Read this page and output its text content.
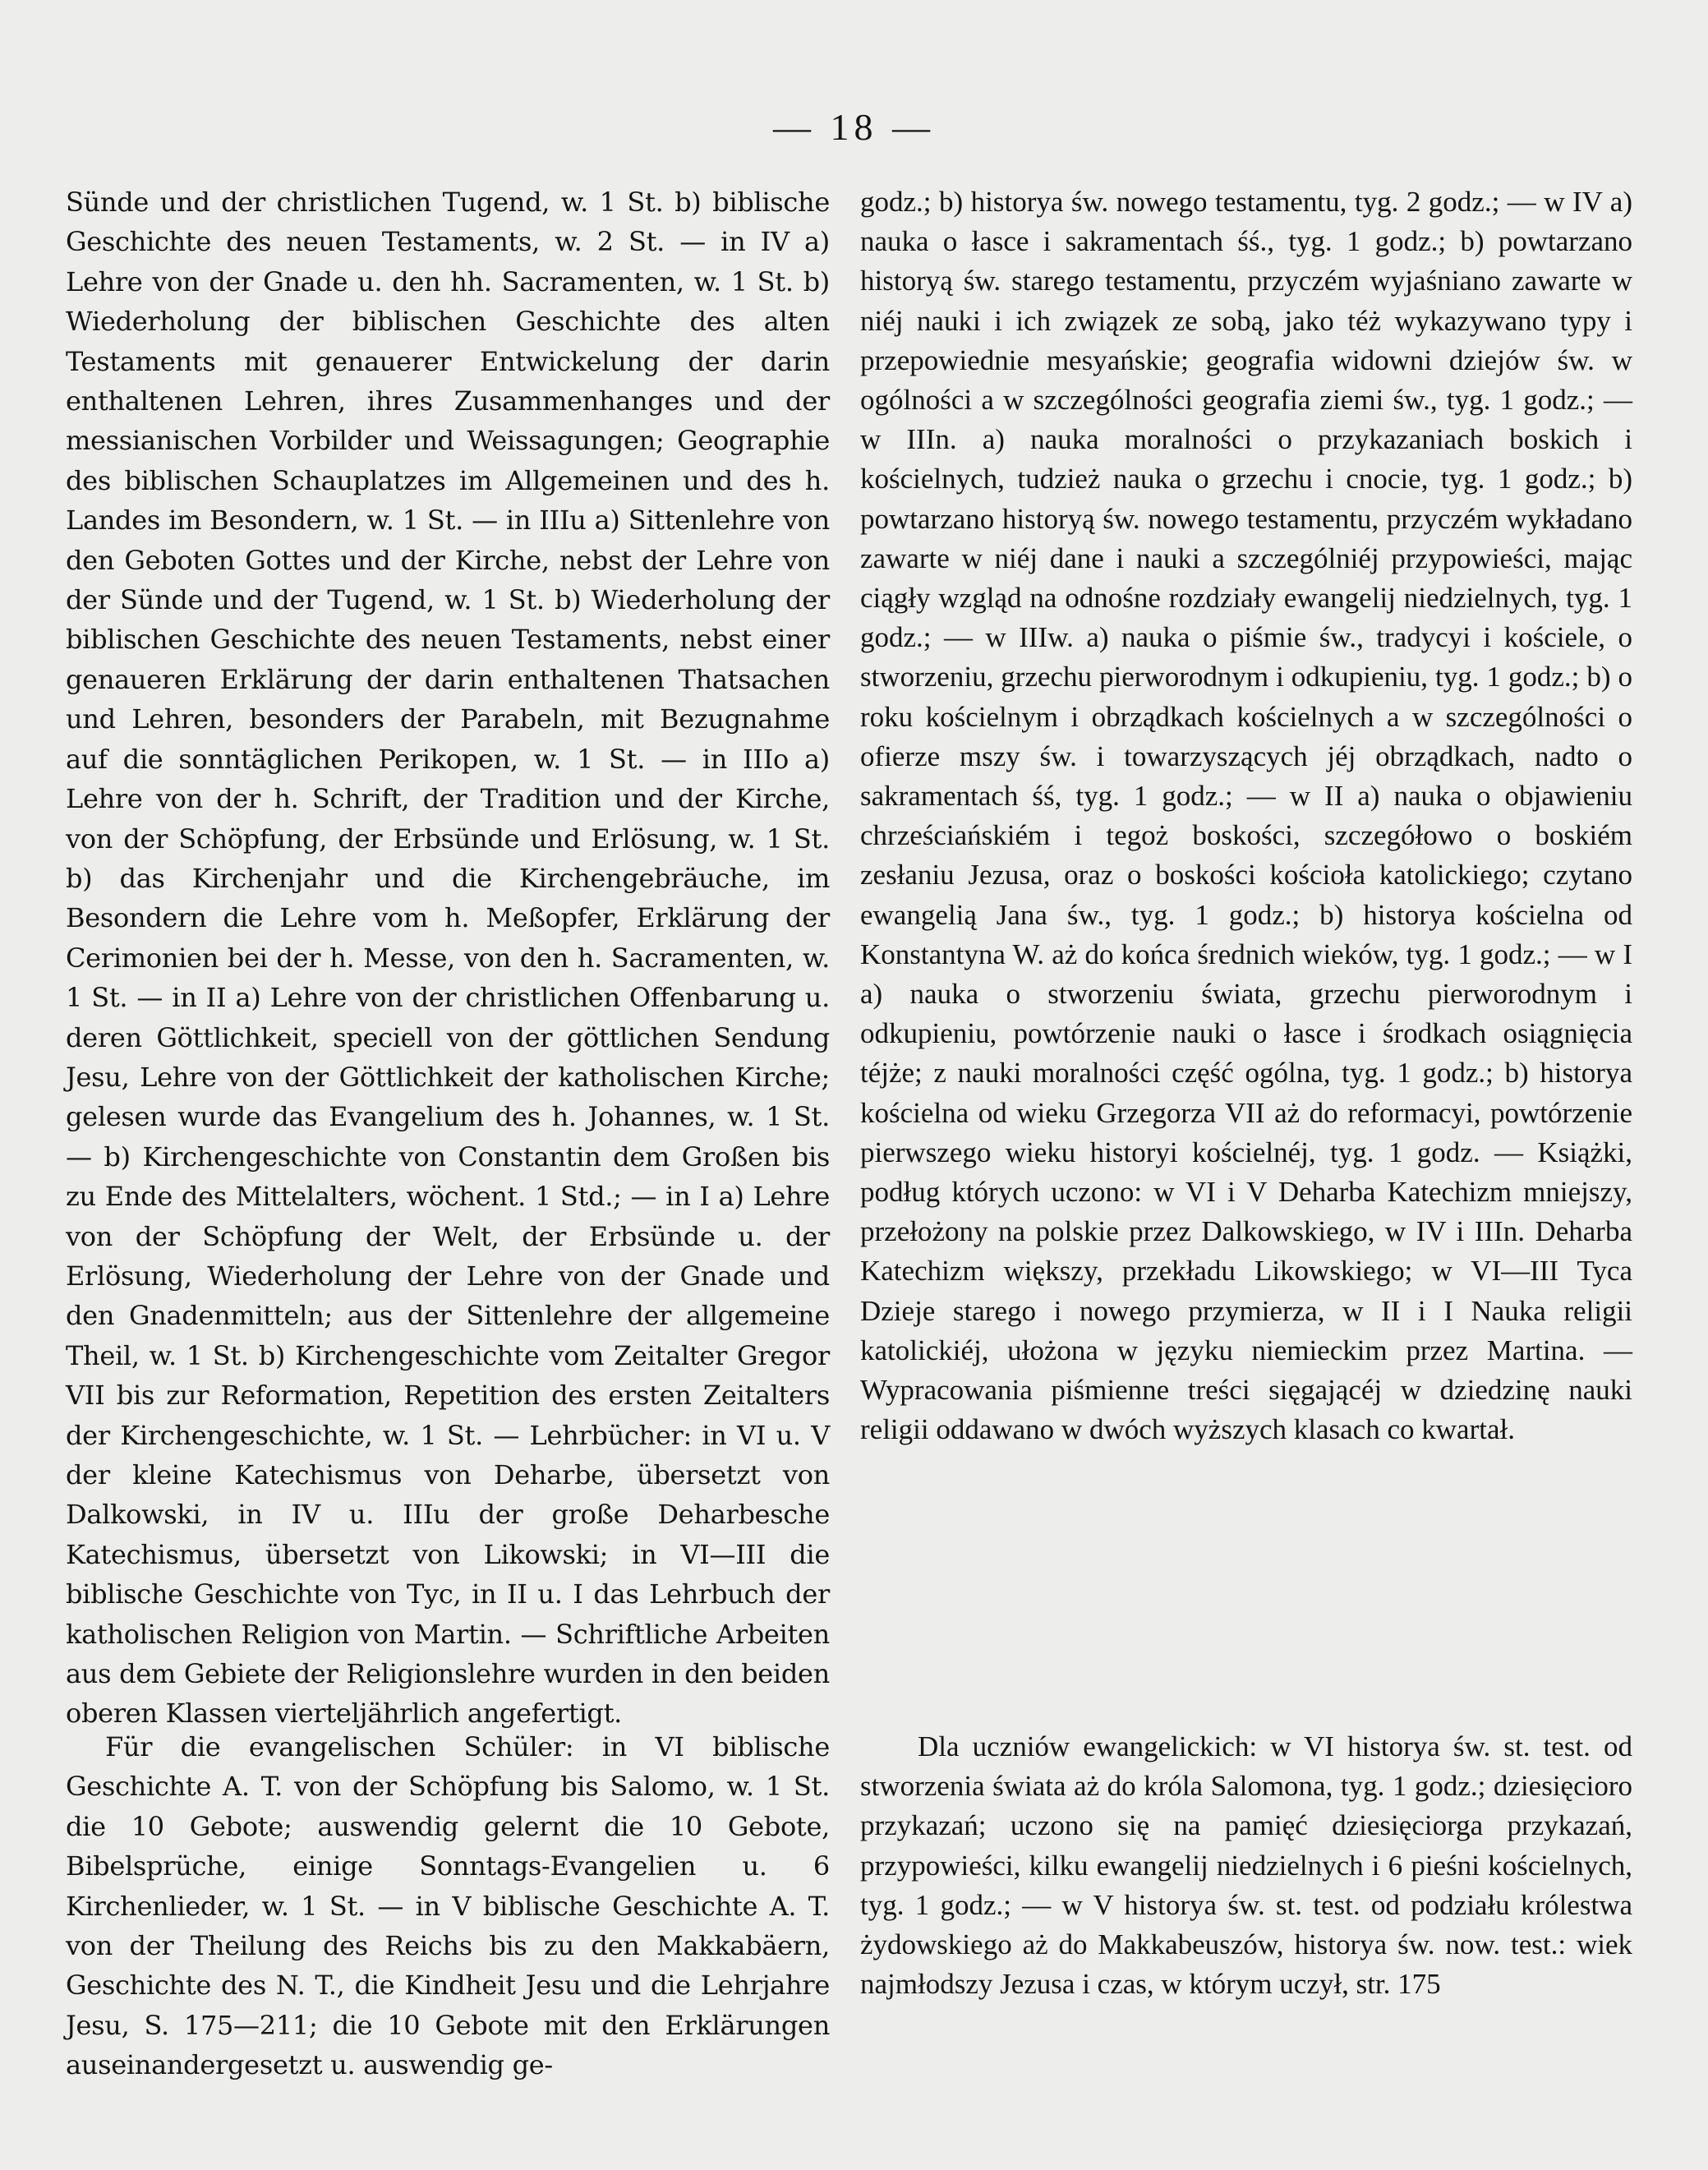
— 18 —

Sünde und der christlichen Tugend, w. 1 St. b) biblische Geschichte des neuen Testaments, w. 2 St. — in IV a) Lehre von der Gnade u. den hh. Sacramenten, w. 1 St. b) Wiederholung der biblischen Geschichte des alten Testaments mit genauerer Entwickelung der darin enthaltenen Lehren, ihres Zusammenhanges und der messianischen Vorbilder und Weissagungen; Geographie des biblischen Schauplatzes im Allgemeinen und des h. Landes im Besondern, w. 1 St. — in IIIu a) Sittenlehre von den Geboten Gottes und der Kirche, nebst der Lehre von der Sünde und der Tugend, w. 1 St. b) Wiederholung der biblischen Geschichte des neuen Testaments, nebst einer genaueren Erklärung der darin enthaltenen Thatsachen und Lehren, besonders der Parabeln, mit Bezugnahme auf die sonntäglichen Perikopen, w. 1 St. — in IIIo a) Lehre von der h. Schrift, der Tradition und der Kirche, von der Schöpfung, der Erbsünde und Erlösung, w. 1 St. b) das Kirchenjahr und die Kirchengebräuche, im Besondern die Lehre vom h. Meßopfer, Erklärung der Cerimonien bei der h. Messe, von den h. Sacramenten, w. 1 St. — in II a) Lehre von der christlichen Offenbarung u. deren Göttlichkeit, speciell von der göttlichen Sendung Jesu, Lehre von der Göttlichkeit der katholischen Kirche; gelesen wurde das Evangelium des h. Johannes, w. 1 St. — b) Kirchengeschichte von Constantin dem Großen bis zu Ende des Mittelalters, wöchent. 1 Std.; — in I a) Lehre von der Schöpfung der Welt, der Erbsünde u. der Erlösung, Wiederholung der Lehre von der Gnade und den Gnadenmitteln; aus der Sittenlehre der allgemeine Theil, w. 1 St. b) Kirchengeschichte vom Zeitalter Gregor VII bis zur Reformation, Repetition des ersten Zeitalters der Kirchengeschichte, w. 1 St. — Lehrbücher: in VI u. V der kleine Katechismus von Deharbe, übersetzt von Dalkowski, in IV u. IIIu der große Deharbesche Katechismus, übersetzt von Likowski; in VI—III die biblische Geschichte von Tyc, in II u. I das Lehrbuch der katholischen Religion von Martin. — Schriftliche Arbeiten aus dem Gebiete der Religionslehre wurden in den beiden oberen Klassen vierteljährlich angefertigt.

Für die evangelischen Schüler: in VI biblische Geschichte A. T. von der Schöpfung bis Salomo, w. 1 St. die 10 Gebote; auswendig gelernt die 10 Gebote, Bibelsprüche, einige Sonntags-Evangelien u. 6 Kirchenlieder, w. 1 St. — in V biblische Geschichte A. T. von der Theilung des Reichs bis zu den Makkabäern, Geschichte des N. T., die Kindheit Jesu und die Lehrjahre Jesu, S. 175—211; die 10 Gebote mit den Erklärungen auseinandergesetzt u. auswendig ge-

godz.; b) historya św. nowego testamentu, tyg. 2 godz.; — w IV a) nauka o łasce i sakramentach śś., tyg. 1 godz.; b) powtarzano historyą św. starego testamentu, przyczém wyjaśniano zawarte w niéj nauki i ich związek ze sobą, jako téż wykazywano typy i przepowiednie mesyańskie; geografia widowni dziejów św. w ogólności a w szczególności geografia ziemi św., tyg. 1 godz.; — w IIIn. a) nauka moralności o przykazaniach boskich i kościelnych, tudzież nauka o grzechu i cnocie, tyg. 1 godz.; b) powtarzano historyą św. nowego testamentu, przyczém wykładano zawarte w niéj dane i nauki a szczególniéj przypowieści, mając ciągły wzgląd na odnośne rozdziały ewangelij niedzielnych, tyg. 1 godz.; — w IIIw. a) nauka o piśmie św., tradycyi i kościele, o stworzeniu, grzechu pierworodnym i odkupieniu, tyg. 1 godz.; b) o roku kościelnym i obrządkach kościelnych a w szczególności o ofierze mszy św. i towarzyszących jéj obrządkach, nadto o sakramentach śś, tyg. 1 godz.; — w II a) nauka o objawieniu chrześciańskiém i tegoż boskości, szczegółowo o boskiém zesłaniu Jezusa, oraz o boskości kościoła katolickiego; czytano ewangelią Jana św., tyg. 1 godz.; b) historya kościelna od Konstantyna W. aż do końca średnich wieków, tyg. 1 godz.; — w I a) nauka o stworzeniu świata, grzechu pierworodnym i odkupieniu, powtórzenie nauki o łasce i środkach osiągnięcia téjże; z nauki moralności część ogólna, tyg. 1 godz.; b) historya kościelna od wieku Grzegorza VII aż do reformacyi, powtórzenie pierwszego wieku historyi kościelnéj, tyg. 1 godz. — Książki, podług których uczono: w VI i V Deharba Katechizm mniejszy, przełożony na polskie przez Dalkowskiego, w IV i IIIn. Deharba Katechizm większy, przekładu Likowskiego; w VI—III Tyca Dzieje starego i nowego przymierza, w II i I Nauka religii katolickiéj, ułożona w języku niemieckim przez Martina. — Wypracowania piśmienne treści sięgającéj w dziedzinę nauki religii oddawano w dwóch wyższych klasach co kwartał.

Dla uczniów ewangelickich: w VI historya św. st. test. od stworzenia świata aż do króla Salomona, tyg. 1 godz.; dziesięcioro przykazań; uczono się na pamięć dziesięciorga przykazań, przypowieści, kilku ewangelij niedzielnych i 6 pieśni kościelnych, tyg. 1 godz.; — w V historya św. st. test. od podziału królestwa żydowskiego aż do Makkabeuszów, historya św. now. test.: wiek najmłodszy Jezusa i czas, w którym uczył, str. 175
